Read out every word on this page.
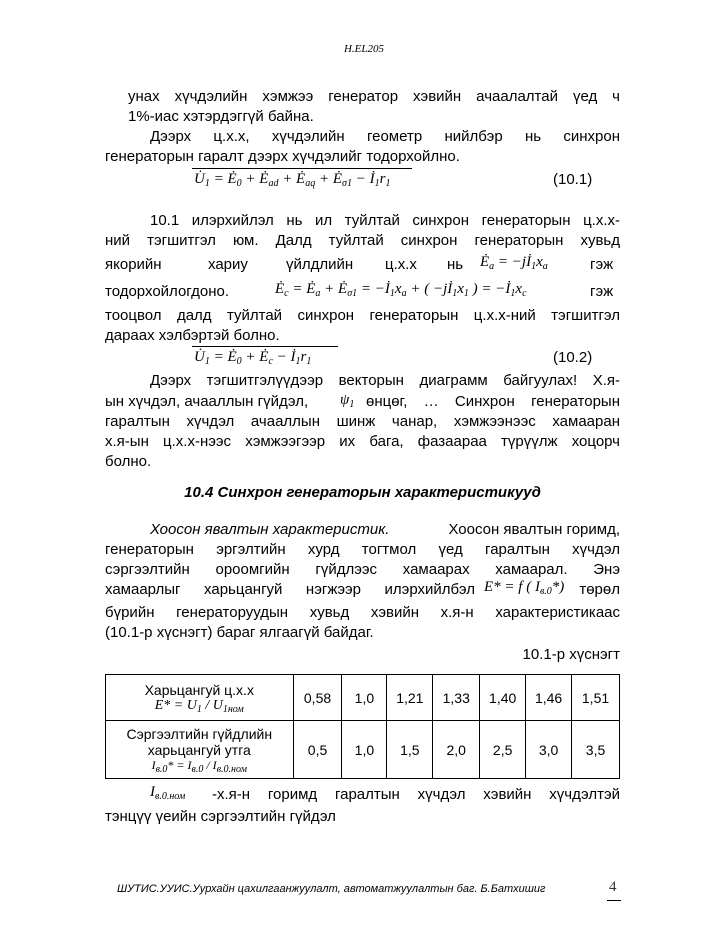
H.EL205
унах хүчдэлийн хэмжээ генератор хэвийн ачаалалтай үед ч
1%-иас хэтэрдэггүй байна.
Дээрх ц.х.х, хүчдэлийн геометр нийлбэр нь синхрон
генераторын гаралт дээрх хүчдэлийг тодорхойлно.
$U̇_1$ = $Ė_0$ + $Ė_{ad}$ + $Ė_{aq}$ + $Ė_{\sigma 1}$ − $İ_1r_1$	(10.1)
10.1 илэрхийлэл нь ил туйлтай синхрон генераторын ц.х.х-
ний тэгшитгэл юм. Далд туйлтай синхрон генераторын хувьд
якорийн	хариу	үйлдлийн	ц.х.х	нь	$Ė_a$ = $-jİ_1x_a$	гэж
тодорхойлогдоно.	$Ė_c$ = $Ė_a$ + $Ė_{\sigma 1}$ = $-İ_1x_a$ + ( $-jİ_1x_1$ ) = $-İ_1x_c$	гэж
тооцвол далд туйлтай синхрон генераторын ц.х.х-ний тэгшитгэл
дараах хэлбэртэй болно.
$U̇_1$ = $Ė_0$ + $Ė_c$ − $İ_1r_1$	(10.2)
Дээрх тэгшитгэлүүдээр векторын диаграмм байгуулах! Х.я-
ын хүчдэл, ачааллын гүйдэл,	$\psi_1$ өнцөг, … Синхрон генераторын
гаралтын хүчдэл ачааллын шинж чанар, хэмжээнээс хамааран
х.я-ын ц.х.х-нээс хэмжээгээр их бага, фазаараа түрүүлж хоцорч
болно.
10.4 Синхрон генераторын характеристикууд
Хоосон явалтын характеристик.	Хоосон явалтын горимд,
генераторын эргэлтийн хурд тогтмол үед гаралтын хүчдэл
сэргээлтийн ороомгийн гүйдлээс хамаарах хамаарал. Энэ
хамаарлыг харьцангуй нэгжээр илэрхийлбэл E* = f ( $I_{в.0}*$) төрөл
бүрийн генераторуудын хувьд хэвийн х.я-н характеристикаас
(10.1-р хүснэгт) бараг ялгаагүй байдаг.
10.1-р хүснэгт
Харьцангуй ц.х.х
$E* = U_1 / U_{1ном}$	0,58	1,0	1,21	1,33	1,40	1,46	1,51

Сэргээлтийн гүйдлийн
харьцангуй утга
$I_{в.0}* = I_{в.0} / I_{в.0.ном}$	0,5	1,0	1,5	2,0	2,5	3,0	3,5
$I_{в.0.ном}$ -х.я-н горимд гаралтын хүчдэл хэвийн хүчдэлтэй
тэнцүү үеийн сэргээлтийн гүйдэл
ШУТИС.УУИС.Уурхайн цахилгаанжуулалт, автоматжуулалтын баг. Б.Батхишиг	4
